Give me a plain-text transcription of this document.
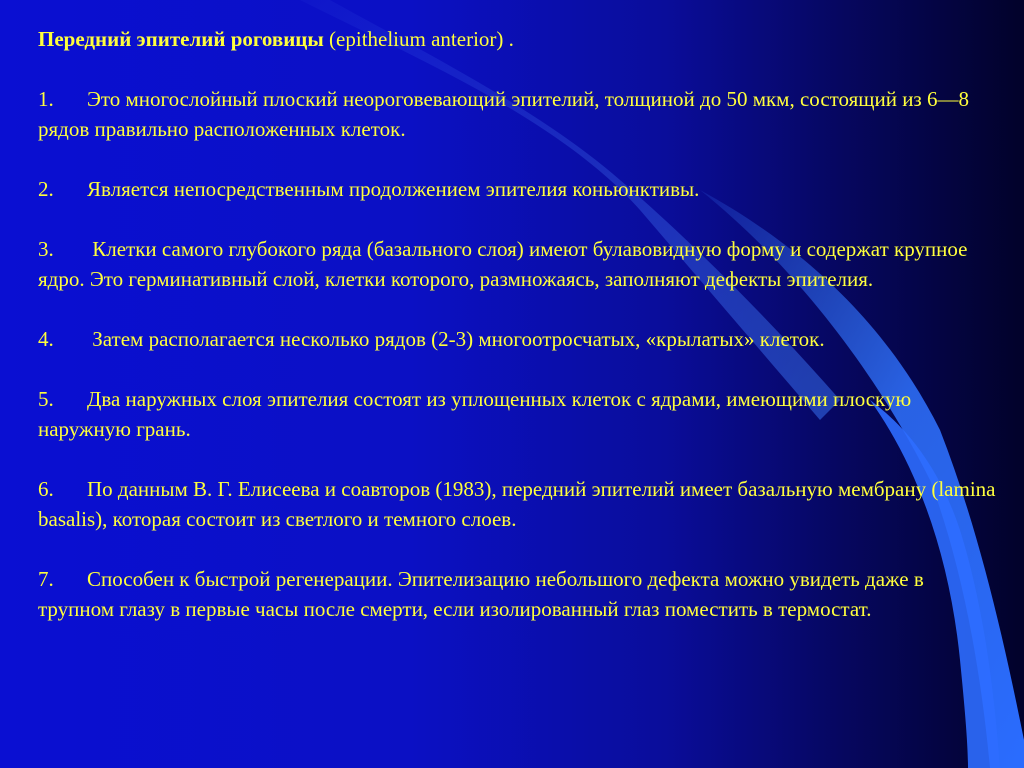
Передний эпителий роговицы (epithelium anterior) .
1. Это многослойный плоский неороговевающий эпителий, толщиной до 50 мкм, состоящий из 6—8 рядов правильно расположенных клеток.
2. Является непосредственным продолжением эпителия коньюнктивы.
3. Клетки самого глубокого ряда (базального слоя) имеют булавовидную форму и содержат крупное ядро. Это герминативный слой, клетки которого, размножаясь, заполняют дефекты эпителия.
4. Затем располагается несколько рядов (2-3) многоотросчатых, «крылатых» клеток.
5. Два наружных слоя эпителия состоят из уплощенных клеток с ядрами, имеющими плоскую наружную грань.
6. По данным В. Г. Елисеева и соавторов (1983), передний эпителий имеет базальную мембрану (lamina basalis), которая состоит из светлого и темного слоев.
7. Способен к быстрой регенерации. Эпителизацию небольшого дефекта можно увидеть даже в трупном глазу в первые часы после смерти, если изолированный глаз поместить в термостат.
